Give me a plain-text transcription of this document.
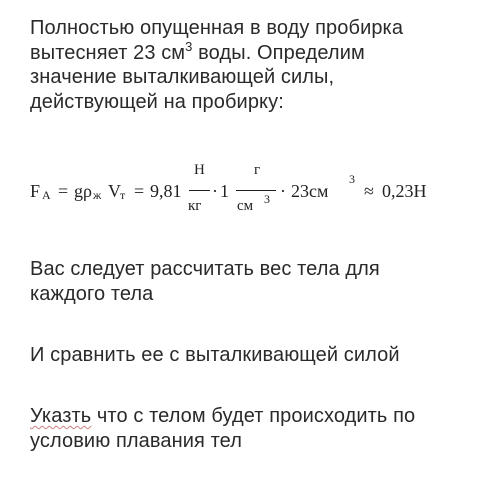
Полностью опущенная в воду пробирка
вытесняет 23 $см^3$ воды. Определим
значение выталкивающей силы,
действующей на пробирку:
F A = gρ ж V т = 9,81
Н
кг
· 1
г
см 3 · 23см
3
≈ 0,23Н
Вас следует рассчитать вес тела для
каждого тела
И сравнить ее с выталкивающей силой
Указть что с телом будет происходить по
условию плавания тел
